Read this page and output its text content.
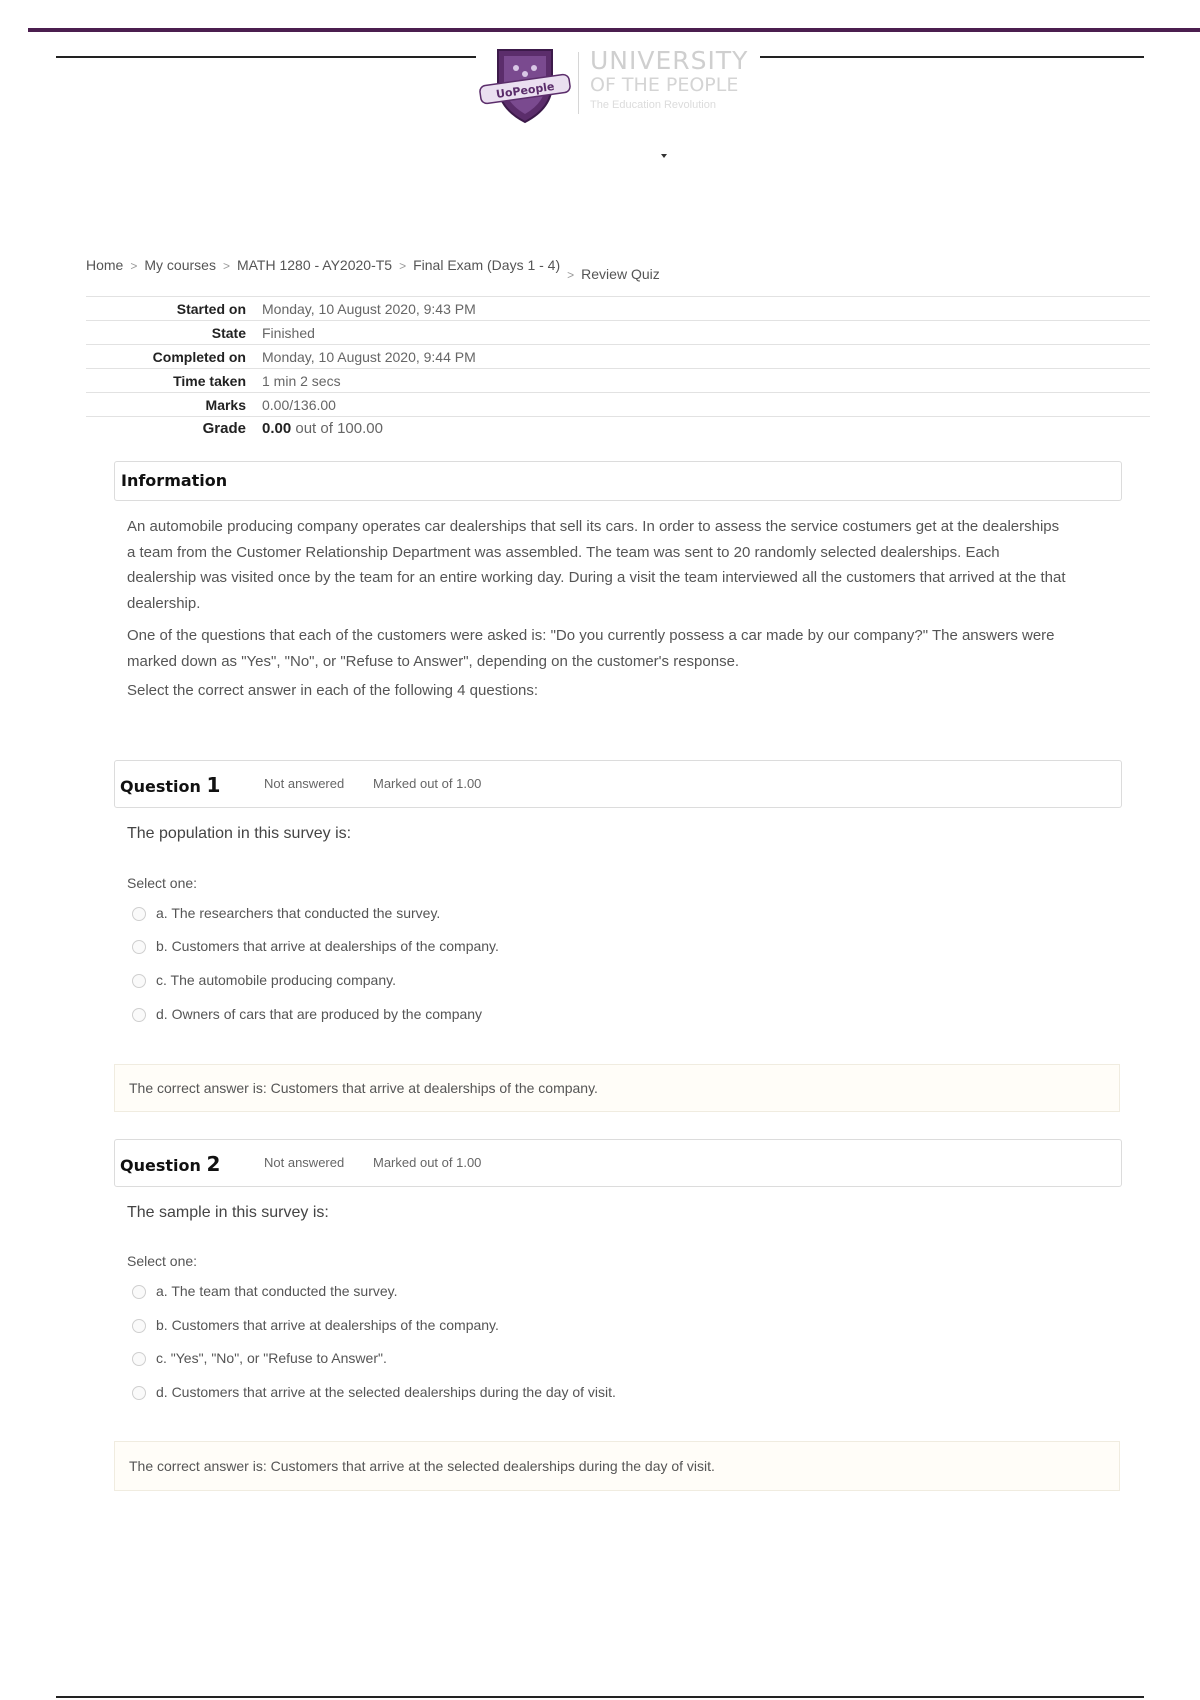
UoPeople
UNIVERSITY
OF THE PEOPLE
The Education Revolution
Home > My courses > MATH 1280 - AY2020-T5 > Final Exam (Days 1 - 4)> Review Quiz
Started on	Monday, 10 August 2020, 9:43 PM
State	Finished
Completed on	Monday, 10 August 2020, 9:44 PM
Time taken	1 min 2 secs
Marks	0.00/136.00
Grade	0.00 out of 100.00
Information
An automobile producing company operates car dealerships that sell its cars. In order to assess the service costumers get at the dealerships a team from the Customer Relationship Department was assembled. The team was sent to 20 randomly selected dealerships. Each dealership was visited once by the team for an entire working day. During a visit the team interviewed all the customers that arrived at the that dealership.
One of the questions that each of the customers were asked is: "Do you currently possess a car made by our company?" The answers were marked down as "Yes", "No", or "Refuse to Answer", depending on the customer's response.
Select the correct answer in each of the following 4 questions:
Question 1	Not answered Marked out of 1.00
The population in this survey is:
Select one:
a. The researchers that conducted the survey.
b. Customers that arrive at dealerships of the company.
c. The automobile producing company.
d. Owners of cars that are produced by the company
The correct answer is: Customers that arrive at dealerships of the company.
Question 2	Not answered Marked out of 1.00
The sample in this survey is:
Select one:
a. The team that conducted the survey.
b. Customers that arrive at dealerships of the company.
c. "Yes", "No", or "Refuse to Answer".
d. Customers that arrive at the selected dealerships during the day of visit.
The correct answer is: Customers that arrive at the selected dealerships during the day of visit.
